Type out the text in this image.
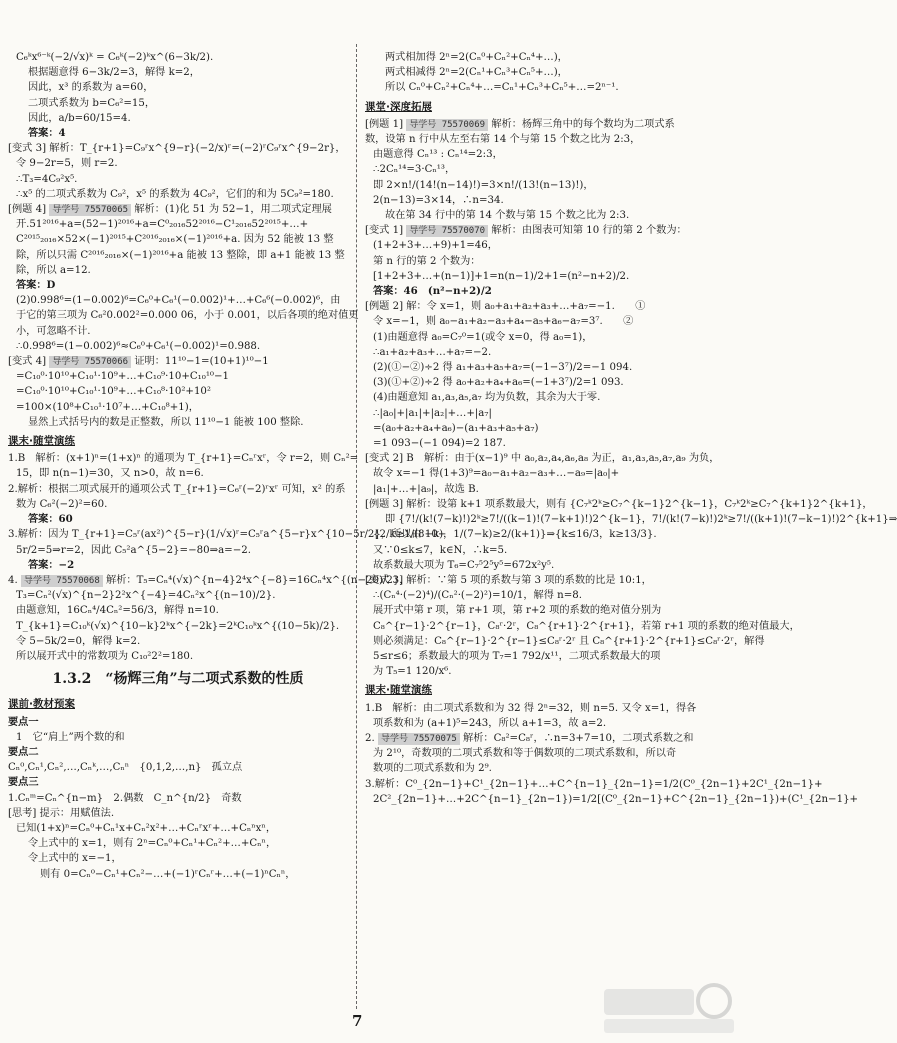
C₆ᵏx⁶⁻ᵏ(−2/√x)ᵏ = C₆ᵏ(−2)ᵏx^(6−3k/2).
根据题意得 6−3k/2=3，解得 k=2，
因此，x³ 的系数为 a=60，
二项式系数为 b=C₆²=15，
因此，a/b=60/15=4.
答案：4
[变式 3] 解析：T_{r+1}=C₉ʳx^{9−r}(−2/x)ʳ=(−2)ʳC₉ʳx^{9−2r}，
令 9−2r=5，则 r=2.
∴T₃=4C₉²x⁵.
∴x⁵ 的二项式系数为 C₉²，x⁵ 的系数为 4C₉²，它们的和为 5C₉²=180.
[例题 4] 导学号 75570065 解析：(1)化 51 为 52−1，用二项式定理展
开.51²⁰¹⁶+a=(52−1)²⁰¹⁶+a=C⁰₂₀₁₆52²⁰¹⁶−C¹₂₀₁₆52²⁰¹⁵+…+
C²⁰¹⁵₂₀₁₆×52×(−1)²⁰¹⁵+C²⁰¹⁶₂₀₁₆×(−1)²⁰¹⁶+a. 因为 52 能被 13 整
除，所以只需 C²⁰¹⁶₂₀₁₆×(−1)²⁰¹⁶+a 能被 13 整除，即 a+1 能被 13 整
除，所以 a=12.
答案：D
(2)0.998⁶=(1−0.002)⁶=C₆⁰+C₆¹(−0.002)¹+…+C₆⁶(−0.002)⁶，由
于它的第三项为 C₆²0.002²=0.000 06，小于 0.001，以后各项的绝对值更
小，可忽略不计.
∴0.998⁶=(1−0.002)⁶≈C₆⁰+C₆¹(−0.002)¹=0.988.
[变式 4] 导学号 75570066 证明：11¹⁰−1=(10+1)¹⁰−1
=C₁₀⁰·10¹⁰+C₁₀¹·10⁹+…+C₁₀⁹·10+C₁₀¹⁰−1
=C₁₀⁰·10¹⁰+C₁₀¹·10⁹+…+C₁₀⁸·10²+10²
=100×(10⁸+C₁₀¹·10⁷+…+C₁₀⁸+1)，
显然上式括号内的数是正整数，所以 11¹⁰−1 能被 100 整除.
课末·随堂演练
1.B　解析：(x+1)ⁿ=(1+x)ⁿ 的通项为 T_{r+1}=Cₙʳxʳ，令 r=2，则 Cₙ²=
15，即 n(n−1)=30，又 n>0，故 n=6.
2.解析：根据二项式展开的通项公式 T_{r+1}=C₆ʳ(−2)ʳxʳ 可知，x² 的系
数为 C₆²(−2)²=60.
答案：60
3.解析：因为 T_{r+1}=C₅ʳ(ax²)^{5−r}(1/√x)ʳ=C₅ʳa^{5−r}x^{10−5r/2}，所以由 10−
5r/2=5⇒r=2，因此 C₅²a^{5−2}=−80⇒a=−2.
答案：−2
4. 导学号 75570068 解析：T₅=Cₙ⁴(√x)^{n−4}2⁴x^{−8}=16Cₙ⁴x^{(n−20)/2}，
T₃=Cₙ²(√x)^{n−2}2²x^{−4}=4Cₙ²x^{(n−10)/2}.
由题意知，16Cₙ⁴/4Cₙ²=56/3，解得 n=10.
T_{k+1}=C₁₀ᵏ(√x)^{10−k}2ᵏx^{−2k}=2ᵏC₁₀ᵏx^{(10−5k)/2}.
令 5−5k/2=0，解得 k=2.
所以展开式中的常数项为 C₁₀²2²=180.
1.3.2　“杨辉三角”与二项式系数的性质
课前·教材预案
要点一
1　它“肩上”两个数的和
要点二
Cₙ⁰,Cₙ¹,Cₙ²,…,Cₙᵏ,…,Cₙⁿ　{0,1,2,…,n}　孤立点
要点三
1.Cₙᵐ=Cₙ^{n−m}　2.偶数　C_n^{n/2}　奇数
[思考] 提示：用赋值法.
已知(1+x)ⁿ=Cₙ⁰+Cₙ¹x+Cₙ²x²+…+Cₙʳxʳ+…+Cₙⁿxⁿ，
令上式中的 x=1，则有 2ⁿ=Cₙ⁰+Cₙ¹+Cₙ²+…+Cₙⁿ，
令上式中的 x=−1，
则有 0=Cₙ⁰−Cₙ¹+Cₙ²−…+(−1)ʳCₙʳ+…+(−1)ⁿCₙⁿ，
两式相加得 2ⁿ=2(Cₙ⁰+Cₙ²+Cₙ⁴+…)，
两式相减得 2ⁿ=2(Cₙ¹+Cₙ³+Cₙ⁵+…)，
所以 Cₙ⁰+Cₙ²+Cₙ⁴+…=Cₙ¹+Cₙ³+Cₙ⁵+…=2ⁿ⁻¹.
课堂·深度拓展
[例题 1] 导学号 75570069 解析：杨辉三角中的每个数均为二项式系
数，设第 n 行中从左至右第 14 个与第 15 个数之比为 2:3，
由题意得 Cₙ¹³ : Cₙ¹⁴=2:3，
∴2Cₙ¹⁴=3·Cₙ¹³，
即 2×n!/(14!(n−14)!)=3×n!/(13!(n−13)!)，
2(n−13)=3×14，∴n=34.
故在第 34 行中的第 14 个数与第 15 个数之比为 2:3.
[变式 1] 导学号 75570070 解析：由图表可知第 10 行的第 2 个数为：
(1+2+3+…+9)+1=46，
第 n 行的第 2 个数为：
[1+2+3+…+(n−1)]+1=n(n−1)/2+1=(n²−n+2)/2.
答案：46　(n²−n+2)/2
[例题 2] 解：令 x=1，则 a₀+a₁+a₂+a₃+…+a₇=−1.　　①
令 x=−1，则 a₀−a₁+a₂−a₃+a₄−a₅+a₆−a₇=3⁷.　　②
(1)由题意得 a₀=C₇⁰=1(或令 x=0，得 a₀=1)，
∴a₁+a₂+a₃+…+a₇=−2.
(2)(①−②)÷2 得 a₁+a₃+a₅+a₇=(−1−3⁷)/2=−1 094.
(3)(①+②)÷2 得 a₀+a₂+a₄+a₆=(−1+3⁷)/2=1 093.
(4)由题意知 a₁,a₃,a₅,a₇ 均为负数，其余为大于零.
∴|a₀|+|a₁|+|a₂|+…+|a₇|
=(a₀+a₂+a₄+a₆)−(a₁+a₃+a₅+a₇)
=1 093−(−1 094)=2 187.
[变式 2] B　解析：由于(x−1)⁹ 中 a₀,a₂,a₄,a₆,a₈ 为正，a₁,a₃,a₅,a₇,a₉ 为负，
故令 x=−1 得(1+3)⁹=a₀−a₁+a₂−a₃+…−a₉=|a₀|+
|a₁|+…+|a₉|，故选 B.
[例题 3] 解析：设第 k+1 项系数最大，则有 {C₇ᵏ2ᵏ≥C₇^{k−1}2^{k−1}，C₇ᵏ2ᵏ≥C₇^{k+1}2^{k+1}，
即 {7!/(k!(7−k)!)2ᵏ≥7!/((k−1)!(7−k+1)!)2^{k−1}，7!/(k!(7−k)!)2ᵏ≥7!/((k+1)!(7−k−1)!)2^{k+1}⇒
{2/k≥1/(8−k)，1/(7−k)≥2/(k+1)}⇒{k≤16/3，k≥13/3}.
又∵0≤k≤7，k∈N，∴k=5.
故系数最大项为 T₆=C₇⁵2⁵y⁵=672x²y⁵.
[变式 3] 解析：∵第 5 项的系数与第 3 项的系数的比是 10:1，
∴(Cₙ⁴·(−2)⁴)/(Cₙ²·(−2)²)=10/1，解得 n=8.
展开式中第 r 项，第 r+1 项，第 r+2 项的系数的绝对值分别为
C₈^{r−1}·2^{r−1}，C₈ʳ·2ʳ，C₈^{r+1}·2^{r+1}，若第 r+1 项的系数的绝对值最大，
则必须满足：C₈^{r−1}·2^{r−1}≤C₈ʳ·2ʳ 且 C₈^{r+1}·2^{r+1}≤C₈ʳ·2ʳ，解得
5≤r≤6；系数最大的项为 T₇=1 792/x¹¹，二项式系数最大的项
为 T₅=1 120/x⁶.
课末·随堂演练
1.B　解析：由二项式系数和为 32 得 2ⁿ=32，则 n=5. 又令 x=1，得各
项系数和为 (a+1)⁵=243，所以 a+1=3，故 a=2.
2. 导学号 75570075 解析：C₈²=C₈ʳ，∴n=3+7=10，二项式系数之和
为 2¹⁰，奇数项的二项式系数和等于偶数项的二项式系数和，所以奇
数项的二项式系数和为 2⁹.
3.解析：C⁰_{2n−1}+C¹_{2n−1}+…+C^{n−1}_{2n−1}=1/2(C⁰_{2n−1}+2C¹_{2n−1}+
2C²_{2n−1}+…+2C^{n−1}_{2n−1})=1/2[(C⁰_{2n−1}+C^{2n−1}_{2n−1})+(C¹_{2n−1}+
7
